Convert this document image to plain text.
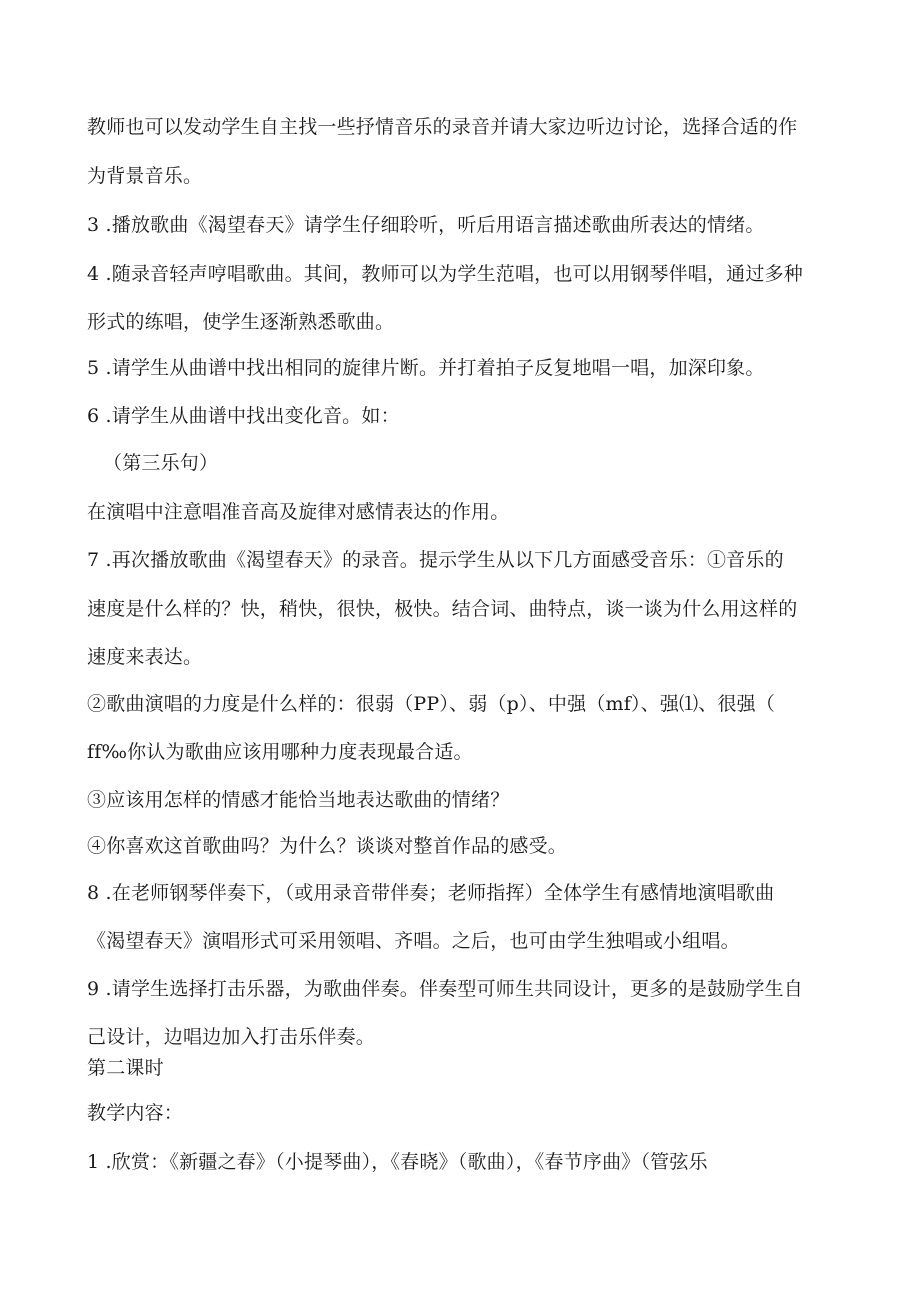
教师也可以发动学生自主找一些抒情音乐的录音并请大家边听边讨论，选择合适的作
为背景音乐。
3 .播放歌曲《渴望春天》请学生仔细聆听，听后用语言描述歌曲所表达的情绪。
4 .随录音轻声哼唱歌曲。其间，教师可以为学生范唱，也可以用钢琴伴唱，通过多种
形式的练唱，使学生逐渐熟悉歌曲。
5 .请学生从曲谱中找出相同的旋律片断。并打着拍子反复地唱一唱，加深印象。
6 .请学生从曲谱中找出变化音。如：
（第三乐句）
在演唱中注意唱准音高及旋律对感情表达的作用。
7 .再次播放歌曲《渴望春天》的录音。提示学生从以下几方面感受音乐：①音乐的
速度是什么样的？快，稍快，很快，极快。结合词、曲特点，谈一谈为什么用这样的
速度来表达。
②歌曲演唱的力度是什么样的：很弱（PP）、弱（p）、中强（mf）、强⑴、很强（
ff‰你认为歌曲应该用哪种力度表现最合适。
③应该用怎样的情感才能恰当地表达歌曲的情绪？
④你喜欢这首歌曲吗？为什么？谈谈对整首作品的感受。
8 .在老师钢琴伴奏下，（或用录音带伴奏；老师指挥）全体学生有感情地演唱歌曲
《渴望春天》演唱形式可采用领唱、齐唱。之后，也可由学生独唱或小组唱。
9 .请学生选择打击乐器，为歌曲伴奏。伴奏型可师生共同设计，更多的是鼓励学生自
己设计，边唱边加入打击乐伴奏。
第二课时
教学内容：
1 .欣赏：《新疆之春》（小提琴曲），《春晓》（歌曲），《春节序曲》（管弦乐
